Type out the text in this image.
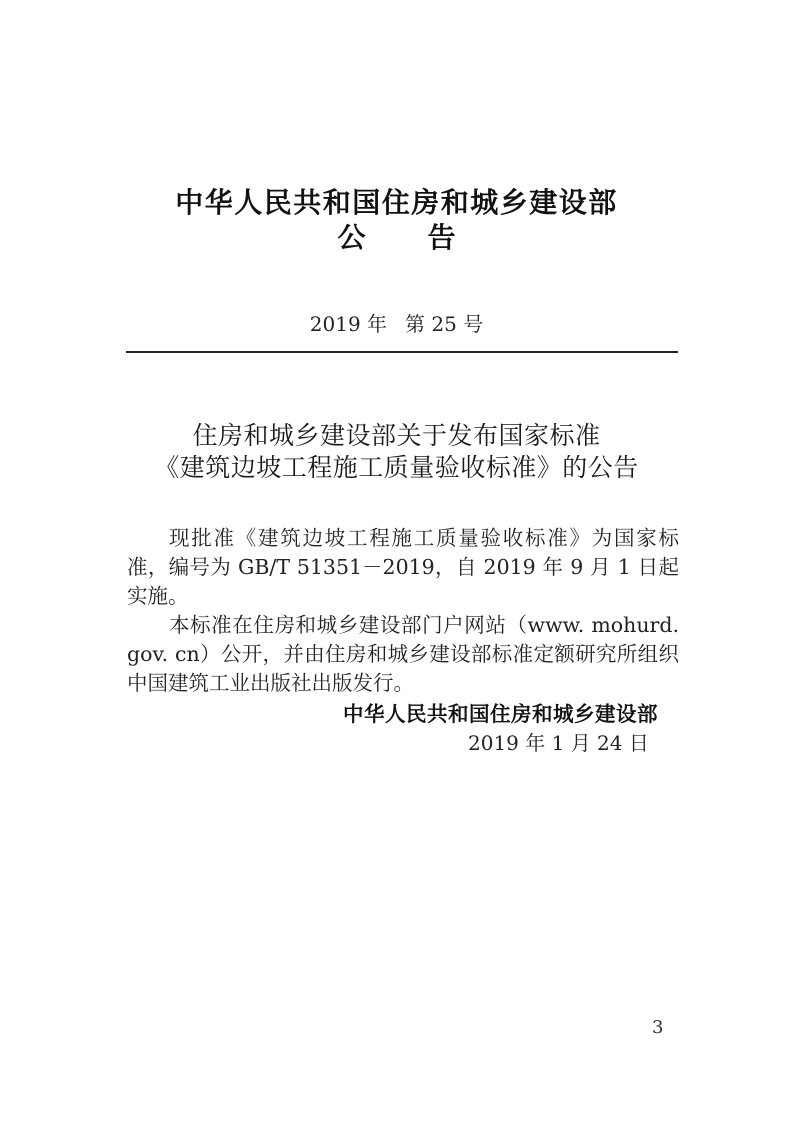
中华人民共和国住房和城乡建设部
公 告
2019 年 第 25 号
住房和城乡建设部关于发布国家标准
《建筑边坡工程施工质量验收标准》的公告

现批准《建筑边坡工程施工质量验收标准》为国家标准，编号为 GB/T 51351－2019，自 2019 年 9 月 1 日起实施。

本标准在住房和城乡建设部门户网站（www. mohurd. gov. cn）公开，并由住房和城乡建设部标准定额研究所组织中国建筑工业出版社出版发行。

中华人民共和国住房和城乡建设部
2019 年 1 月 24 日
3
